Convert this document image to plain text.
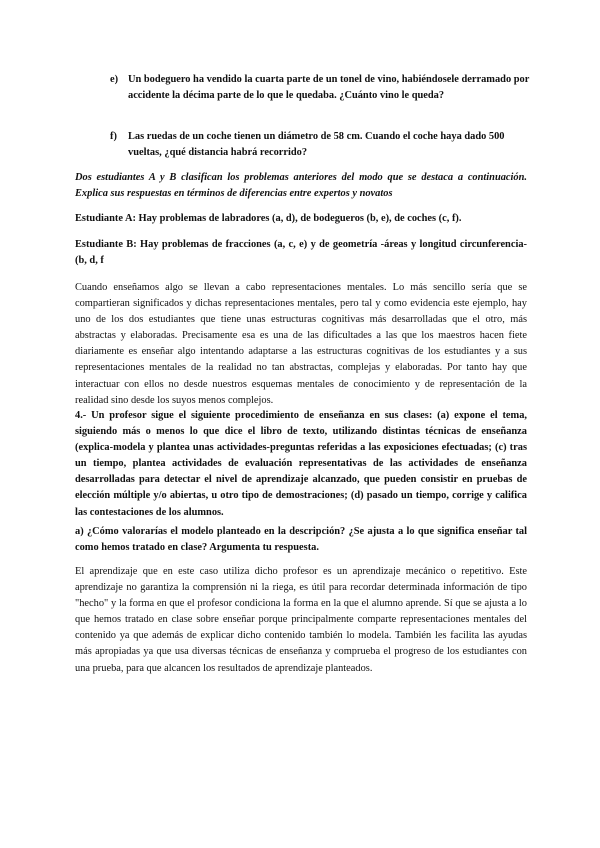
e) Un bodeguero ha vendido la cuarta parte de un tonel de vino, habiéndosele derramado por accidente la décima parte de lo que le quedaba. ¿Cuánto vino le queda?
f) Las ruedas de un coche tienen un diámetro de 58 cm. Cuando el coche haya dado 500 vueltas, ¿qué distancia habrá recorrido?

Dos estudiantes A y B clasifican los problemas anteriores del modo que se destaca a continuación. Explica sus respuestas en términos de diferencias entre expertos y novatos

Estudiante A: Hay problemas de labradores (a, d), de bodegueros (b, e), de coches (c, f).

Estudiante B: Hay problemas de fracciones (a, c, e) y de geometría -áreas y longitud circunferencia- (b, d, f

Cuando enseñamos algo se llevan a cabo representaciones mentales. Lo más sencillo sería que se compartieran significados y dichas representaciones mentales, pero tal y como evidencia este ejemplo, hay uno de los dos estudiantes que tiene unas estructuras cognitivas más desarrolladas que el otro, más abstractas y elaboradas. Precisamente esa es una de las dificultades a las que los maestros hacen fiete diariamente es enseñar algo intentando adaptarse a las estructuras cognitivas de los estudiantes y a sus representaciones mentales de la realidad no tan abstractas, complejas y elaboradas. Por tanto hay que interactuar con ellos no desde nuestros esquemas mentales de conocimiento y de representación de la realidad sino desde los suyos menos complejos.

4.- Un profesor sigue el siguiente procedimiento de enseñanza en sus clases: (a) expone el tema, siguiendo más o menos lo que dice el libro de texto, utilizando distintas técnicas de enseñanza (explica-modela y plantea unas actividades-preguntas referidas a las exposiciones efectuadas; (c) tras un tiempo, plantea actividades de evaluación representativas de las actividades de enseñanza desarrolladas para detectar el nivel de aprendizaje alcanzado, que pueden consistir en pruebas de elección múltiple y/o abiertas, u otro tipo de demostraciones; (d) pasado un tiempo, corrige y califica las contestaciones de los alumnos.

a) ¿Cómo valorarías el modelo planteado en la descripción? ¿Se ajusta a lo que significa enseñar tal como hemos tratado en clase? Argumenta tu respuesta.

El aprendizaje que en este caso utiliza dicho profesor es un aprendizaje mecánico o repetitivo. Este aprendizaje no garantiza la comprensión ni la riega, es útil para recordar determinada información de tipo "hecho" y la forma en que el profesor condiciona la forma en la que el alumno aprende. Sí que se ajusta a lo que hemos tratado en clase sobre enseñar porque principalmente comparte representaciones mentales del contenido ya que además de explicar dicho contenido también lo modela. También les facilita las ayudas más apropiadas ya que usa diversas técnicas de enseñanza y comprueba el progreso de los estudiantes con una prueba, para que alcancen los resultados de aprendizaje planteados.
